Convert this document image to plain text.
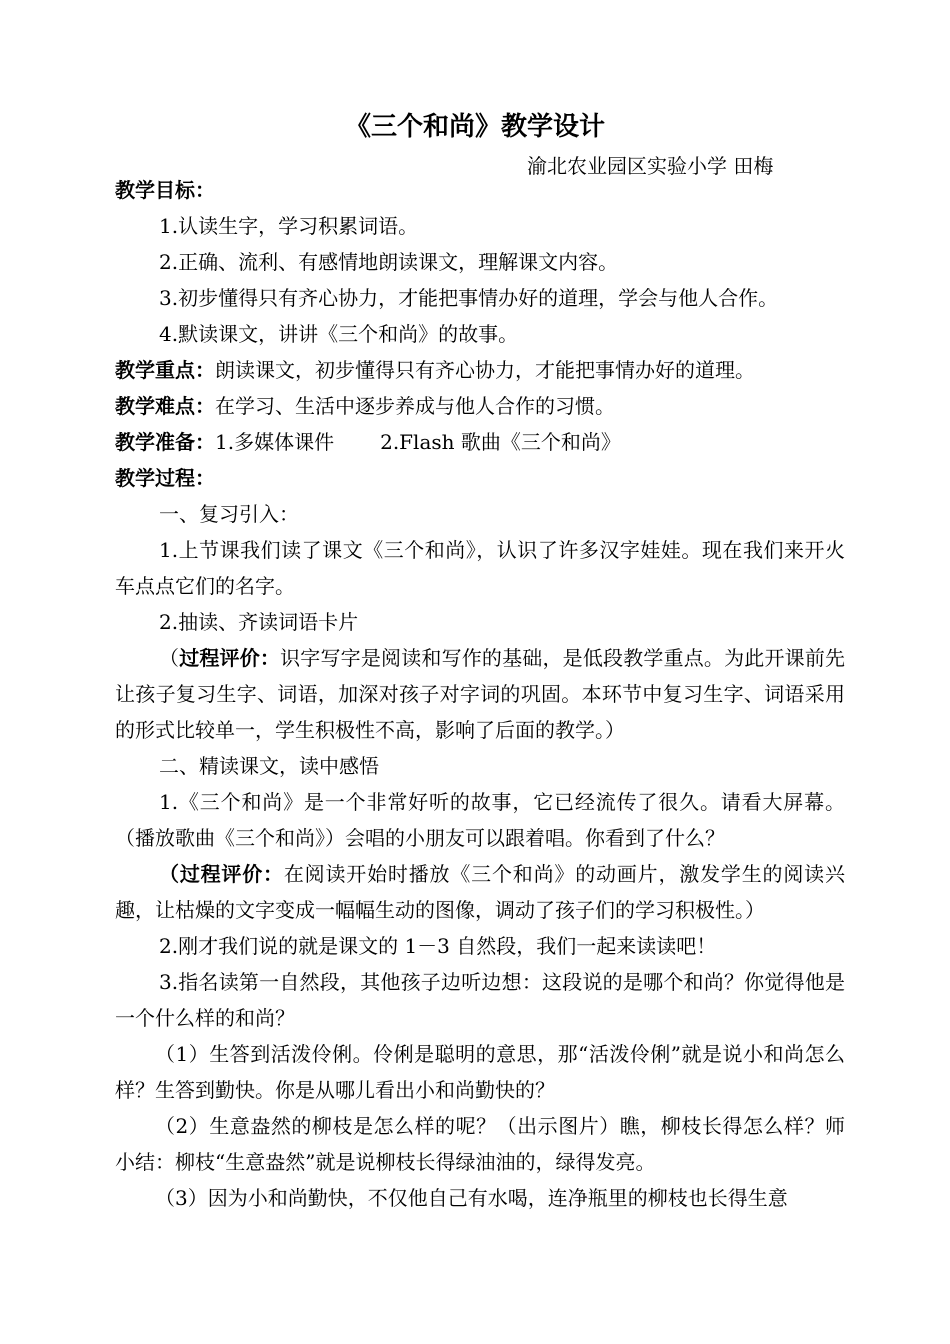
《三个和尚》教学设计
渝北农业园区实验小学 田梅

教学目标：

1.认读生字，学习积累词语。

2.正确、流利、有感情地朗读课文，理解课文内容。

3.初步懂得只有齐心协力，才能把事情办好的道理，学会与他人合作。

4.默读课文，讲讲《三个和尚》的故事。

教学重点：朗读课文，初步懂得只有齐心协力，才能把事情办好的道理。

教学难点：在学习、生活中逐步养成与他人合作的习惯。

教学准备：1.多媒体课件 2.Flash 歌曲《三个和尚》

教学过程：

一、复习引入：

1.上节课我们读了课文《三个和尚》，认识了许多汉字娃娃。现在我们来开火车点点它们的名字。

2.抽读、齐读词语卡片

（过程评价：识字写字是阅读和写作的基础，是低段教学重点。为此开课前先让孩子复习生字、词语，加深对孩子对字词的巩固。本环节中复习生字、词语采用的形式比较单一，学生积极性不高，影响了后面的教学。）

二、精读课文，读中感悟

1.《三个和尚》是一个非常好听的故事，它已经流传了很久。请看大屏幕。（播放歌曲《三个和尚》）会唱的小朋友可以跟着唱。你看到了什么？

（过程评价：在阅读开始时播放《三个和尚》的动画片，激发学生的阅读兴趣，让枯燥的文字变成一幅幅生动的图像，调动了孩子们的学习积极性。）

2.刚才我们说的就是课文的 1－3 自然段，我们一起来读读吧！

3.指名读第一自然段，其他孩子边听边想：这段说的是哪个和尚？你觉得他是一个什么样的和尚？

（1）生答到活泼伶俐。伶俐是聪明的意思，那“活泼伶俐”就是说小和尚怎么样？生答到勤快。你是从哪儿看出小和尚勤快的？

（2）生意盎然的柳枝是怎么样的呢？（出示图片）瞧，柳枝长得怎么样？师小结：柳枝“生意盎然”就是说柳枝长得绿油油的，绿得发亮。

（3）因为小和尚勤快，不仅他自己有水喝，连净瓶里的柳枝也长得生意
